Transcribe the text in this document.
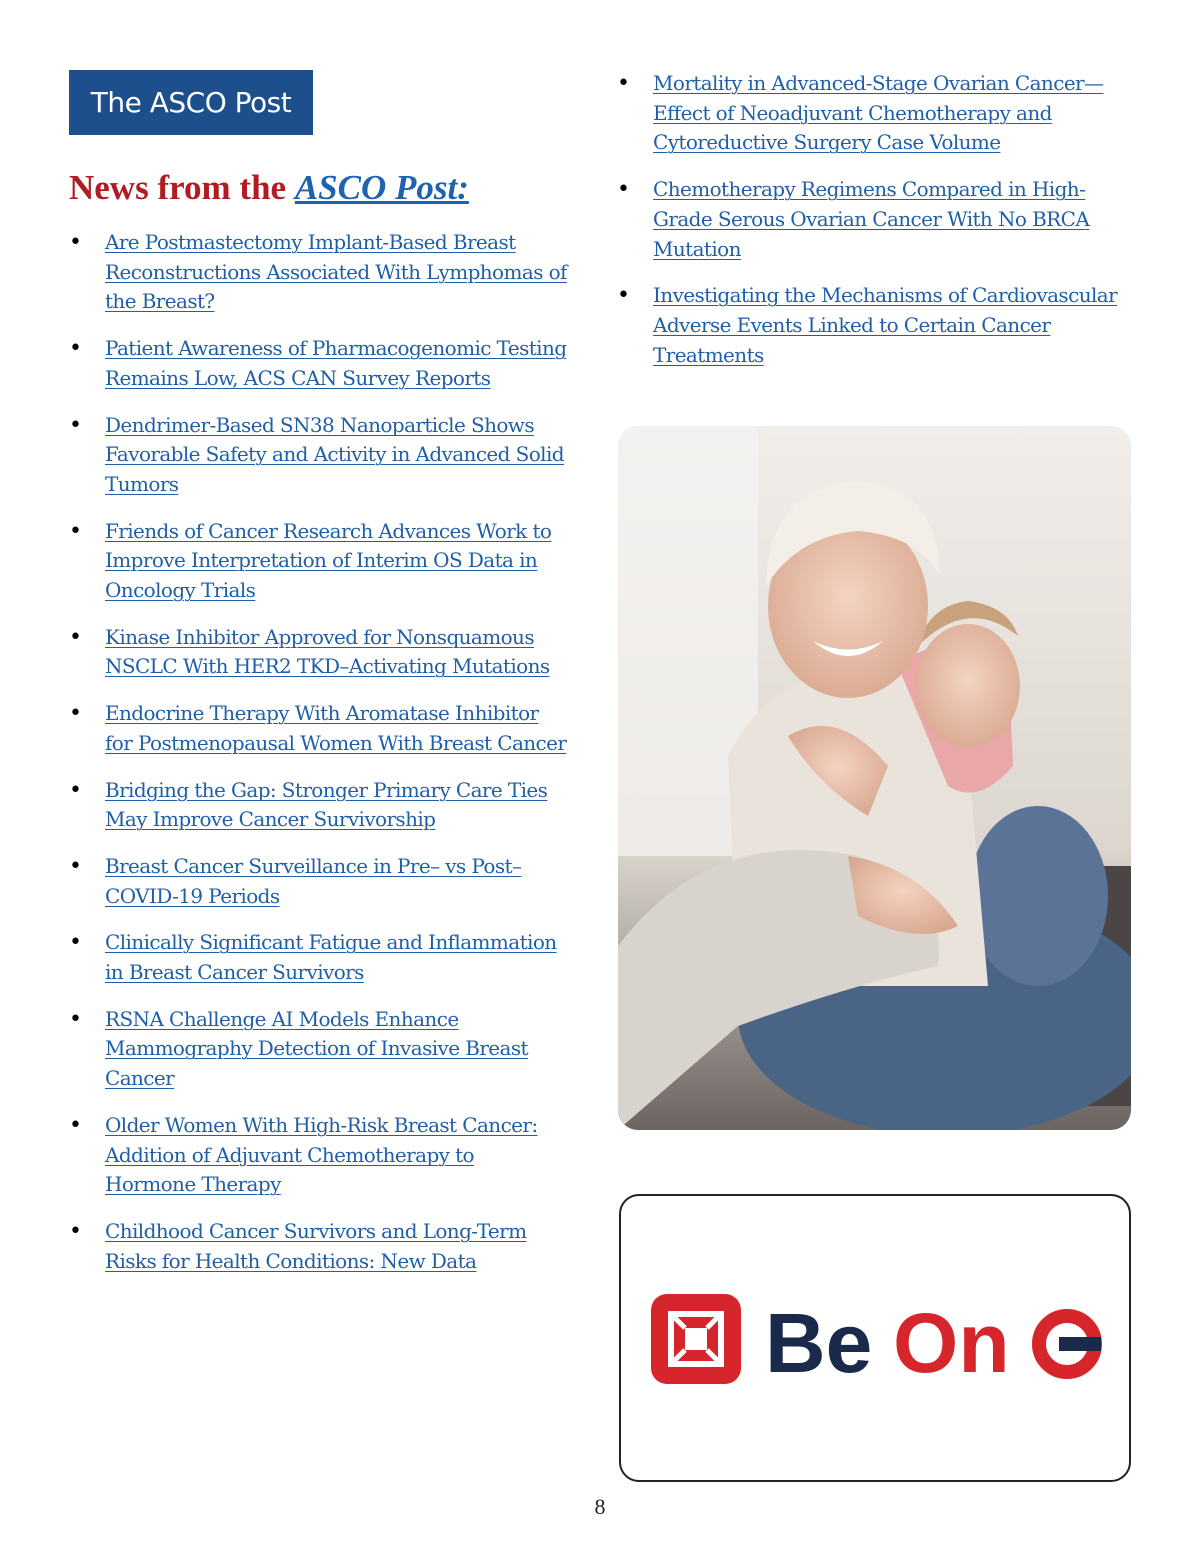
The ASCO Post
News from the ASCO Post:
• Are Postmastectomy Implant-Based Breast Reconstructions Associated With Lymphomas of the Breast?
• Patient Awareness of Pharmacogenomic Testing Remains Low, ACS CAN Survey Reports
• Dendrimer-Based SN38 Nanoparticle Shows Favorable Safety and Activity in Advanced Solid Tumors
• Friends of Cancer Research Advances Work to Improve Interpretation of Interim OS Data in Oncology Trials
• Kinase Inhibitor Approved for Nonsquamous NSCLC With HER2 TKD–Activating Mutations
• Endocrine Therapy With Aromatase Inhibitor for Postmenopausal Women With Breast Cancer
• Bridging the Gap: Stronger Primary Care Ties May Improve Cancer Survivorship
• Breast Cancer Surveillance in Pre– vs Post–COVID-19 Periods
• Clinically Significant Fatigue and Inflammation in Breast Cancer Survivors
• RSNA Challenge AI Models Enhance Mammography Detection of Invasive Breast Cancer
• Older Women With High-Risk Breast Cancer: Addition of Adjuvant Chemotherapy to Hormone Therapy
• Childhood Cancer Survivors and Long-Term Risks for Health Conditions: New Data
• Mortality in Advanced-Stage Ovarian Cancer—Effect of Neoadjuvant Chemotherapy and Cytoreductive Surgery Case Volume
• Chemotherapy Regimens Compared in High-Grade Serous Ovarian Cancer With No BRCA Mutation
• Investigating the Mechanisms of Cardiovascular Adverse Events Linked to Certain Cancer Treatments
Be On
8
